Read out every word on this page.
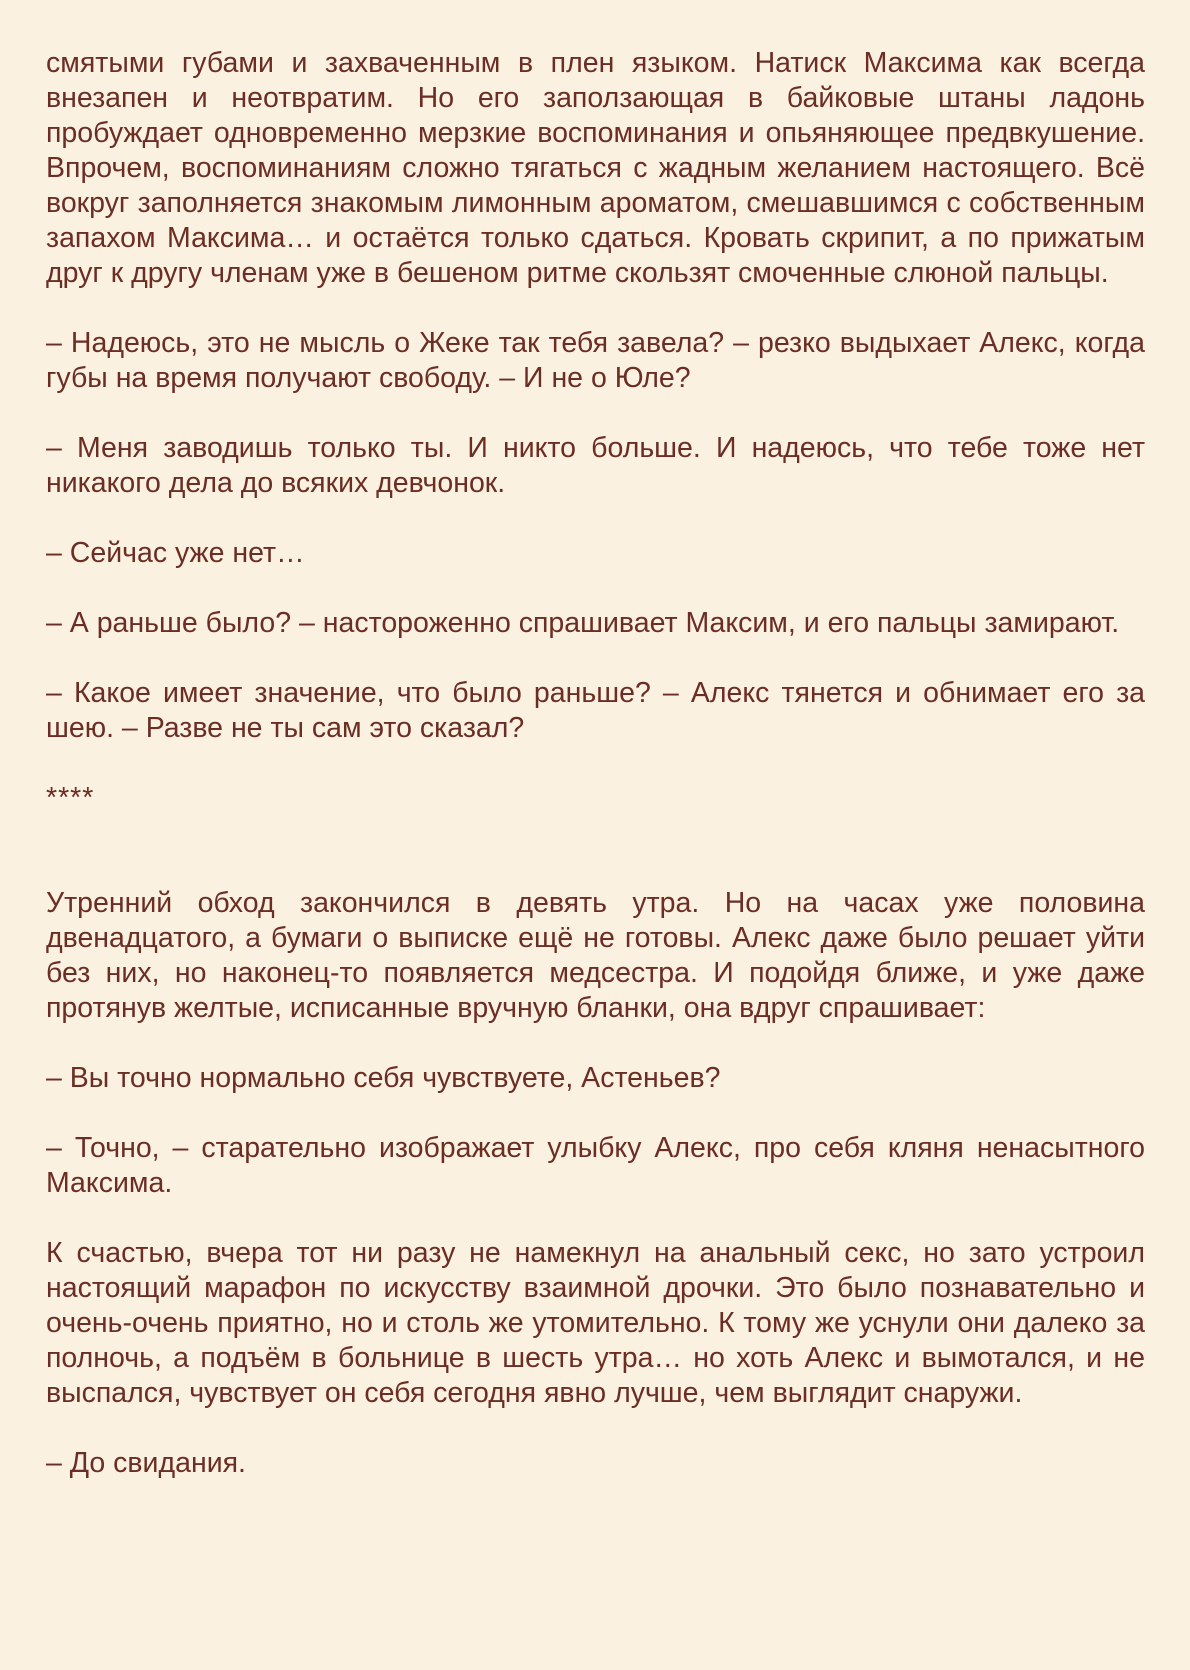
смятыми губами и захваченным в плен языком. Натиск Максима как всегда внезапен и неотвратим. Но его заползающая в байковые штаны ладонь пробуждает одновременно мерзкие воспоминания и опьяняющее предвкушение. Впрочем, воспоминаниям сложно тягаться с жадным желанием настоящего. Всё вокруг заполняется знакомым лимонным ароматом, смешавшимся с собственным запахом Максима… и остаётся только сдаться. Кровать скрипит, а по прижатым друг к другу членам уже в бешеном ритме скользят смоченные слюной пальцы.

– Надеюсь, это не мысль о Жеке так тебя завела? – резко выдыхает Алекс, когда губы на время получают свободу. – И не о Юле?

– Меня заводишь только ты. И никто больше. И надеюсь, что тебе тоже нет никакого дела до всяких девчонок.

– Сейчас уже нет…

– А раньше было? – настороженно спрашивает Максим, и его пальцы замирают.

– Какое имеет значение, что было раньше? – Алекс тянется и обнимает его за шею. – Разве не ты сам это сказал?

****

Утренний обход закончился в девять утра. Но на часах уже половина двенадцатого, а бумаги о выписке ещё не готовы. Алекс даже было решает уйти без них, но наконец-то появляется медсестра. И подойдя ближе, и уже даже протянув желтые, исписанные вручную бланки, она вдруг спрашивает:

– Вы точно нормально себя чувствуете, Астеньев?

– Точно, – старательно изображает улыбку Алекс, про себя кляня ненасытного Максима.

К счастью, вчера тот ни разу не намекнул на анальный секс, но зато устроил настоящий марафон по искусству взаимной дрочки. Это было познавательно и очень-очень приятно, но и столь же утомительно. К тому же уснули они далеко за полночь, а подъём в больнице в шесть утра… но хоть Алекс и вымотался, и не выспался, чувствует он себя сегодня явно лучше, чем выглядит снаружи.

– До свидания.
